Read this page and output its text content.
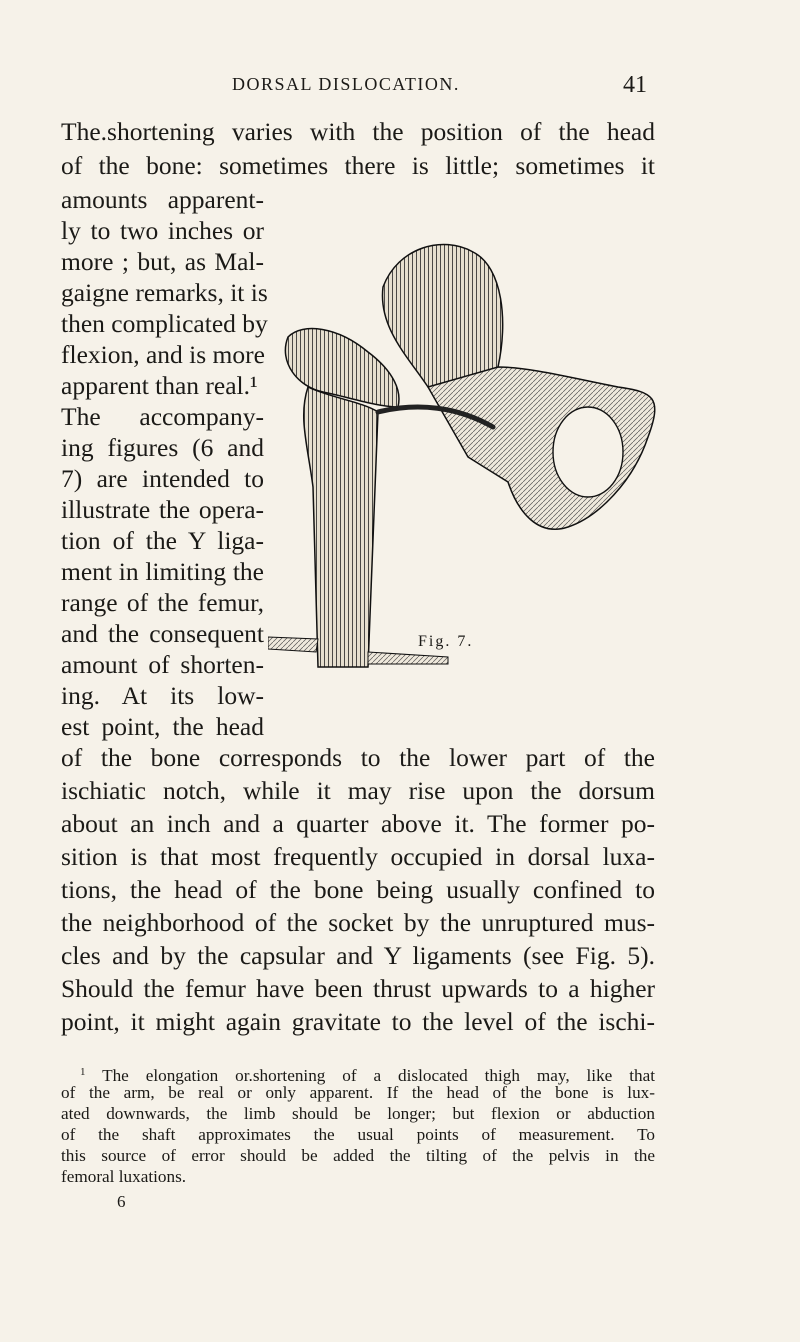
DORSAL DISLOCATION.	41
The.shortening varies with the position of the head
of the bone: sometimes there is little; sometimes it
amounts apparent-
ly to two inches or
more ; but, as Mal-
gaigne remarks, it is
then complicated by
flexion, and is more
apparent than real.¹
The accompany-
ing figures (6 and
7) are intended to
illustrate the opera-
tion of the Y liga-
ment in limiting the
range of the femur,
and the consequent
amount of shorten-
ing. At its low-
est point, the head
of the bone corresponds to the lower part of the
ischiatic notch, while it may rise upon the dorsum
about an inch and a quarter above it. The former po-
sition is that most frequently occupied in dorsal luxa-
tions, the head of the bone being usually confined to
the neighborhood of the socket by the unruptured mus-
cles and by the capsular and Y ligaments (see Fig. 5).
Should the femur have been thrust upwards to a higher
point, it might again gravitate to the level of the ischi-
Fig. 7.
$^1$ The elongation or.shortening of a dislocated thigh may, like that
of the arm, be real or only apparent. If the head of the bone is lux-
ated downwards, the limb should be longer; but flexion or abduction
of the shaft approximates the usual points of measurement. To
this source of error should be added the tilting of the pelvis in the
femoral luxations.
6
